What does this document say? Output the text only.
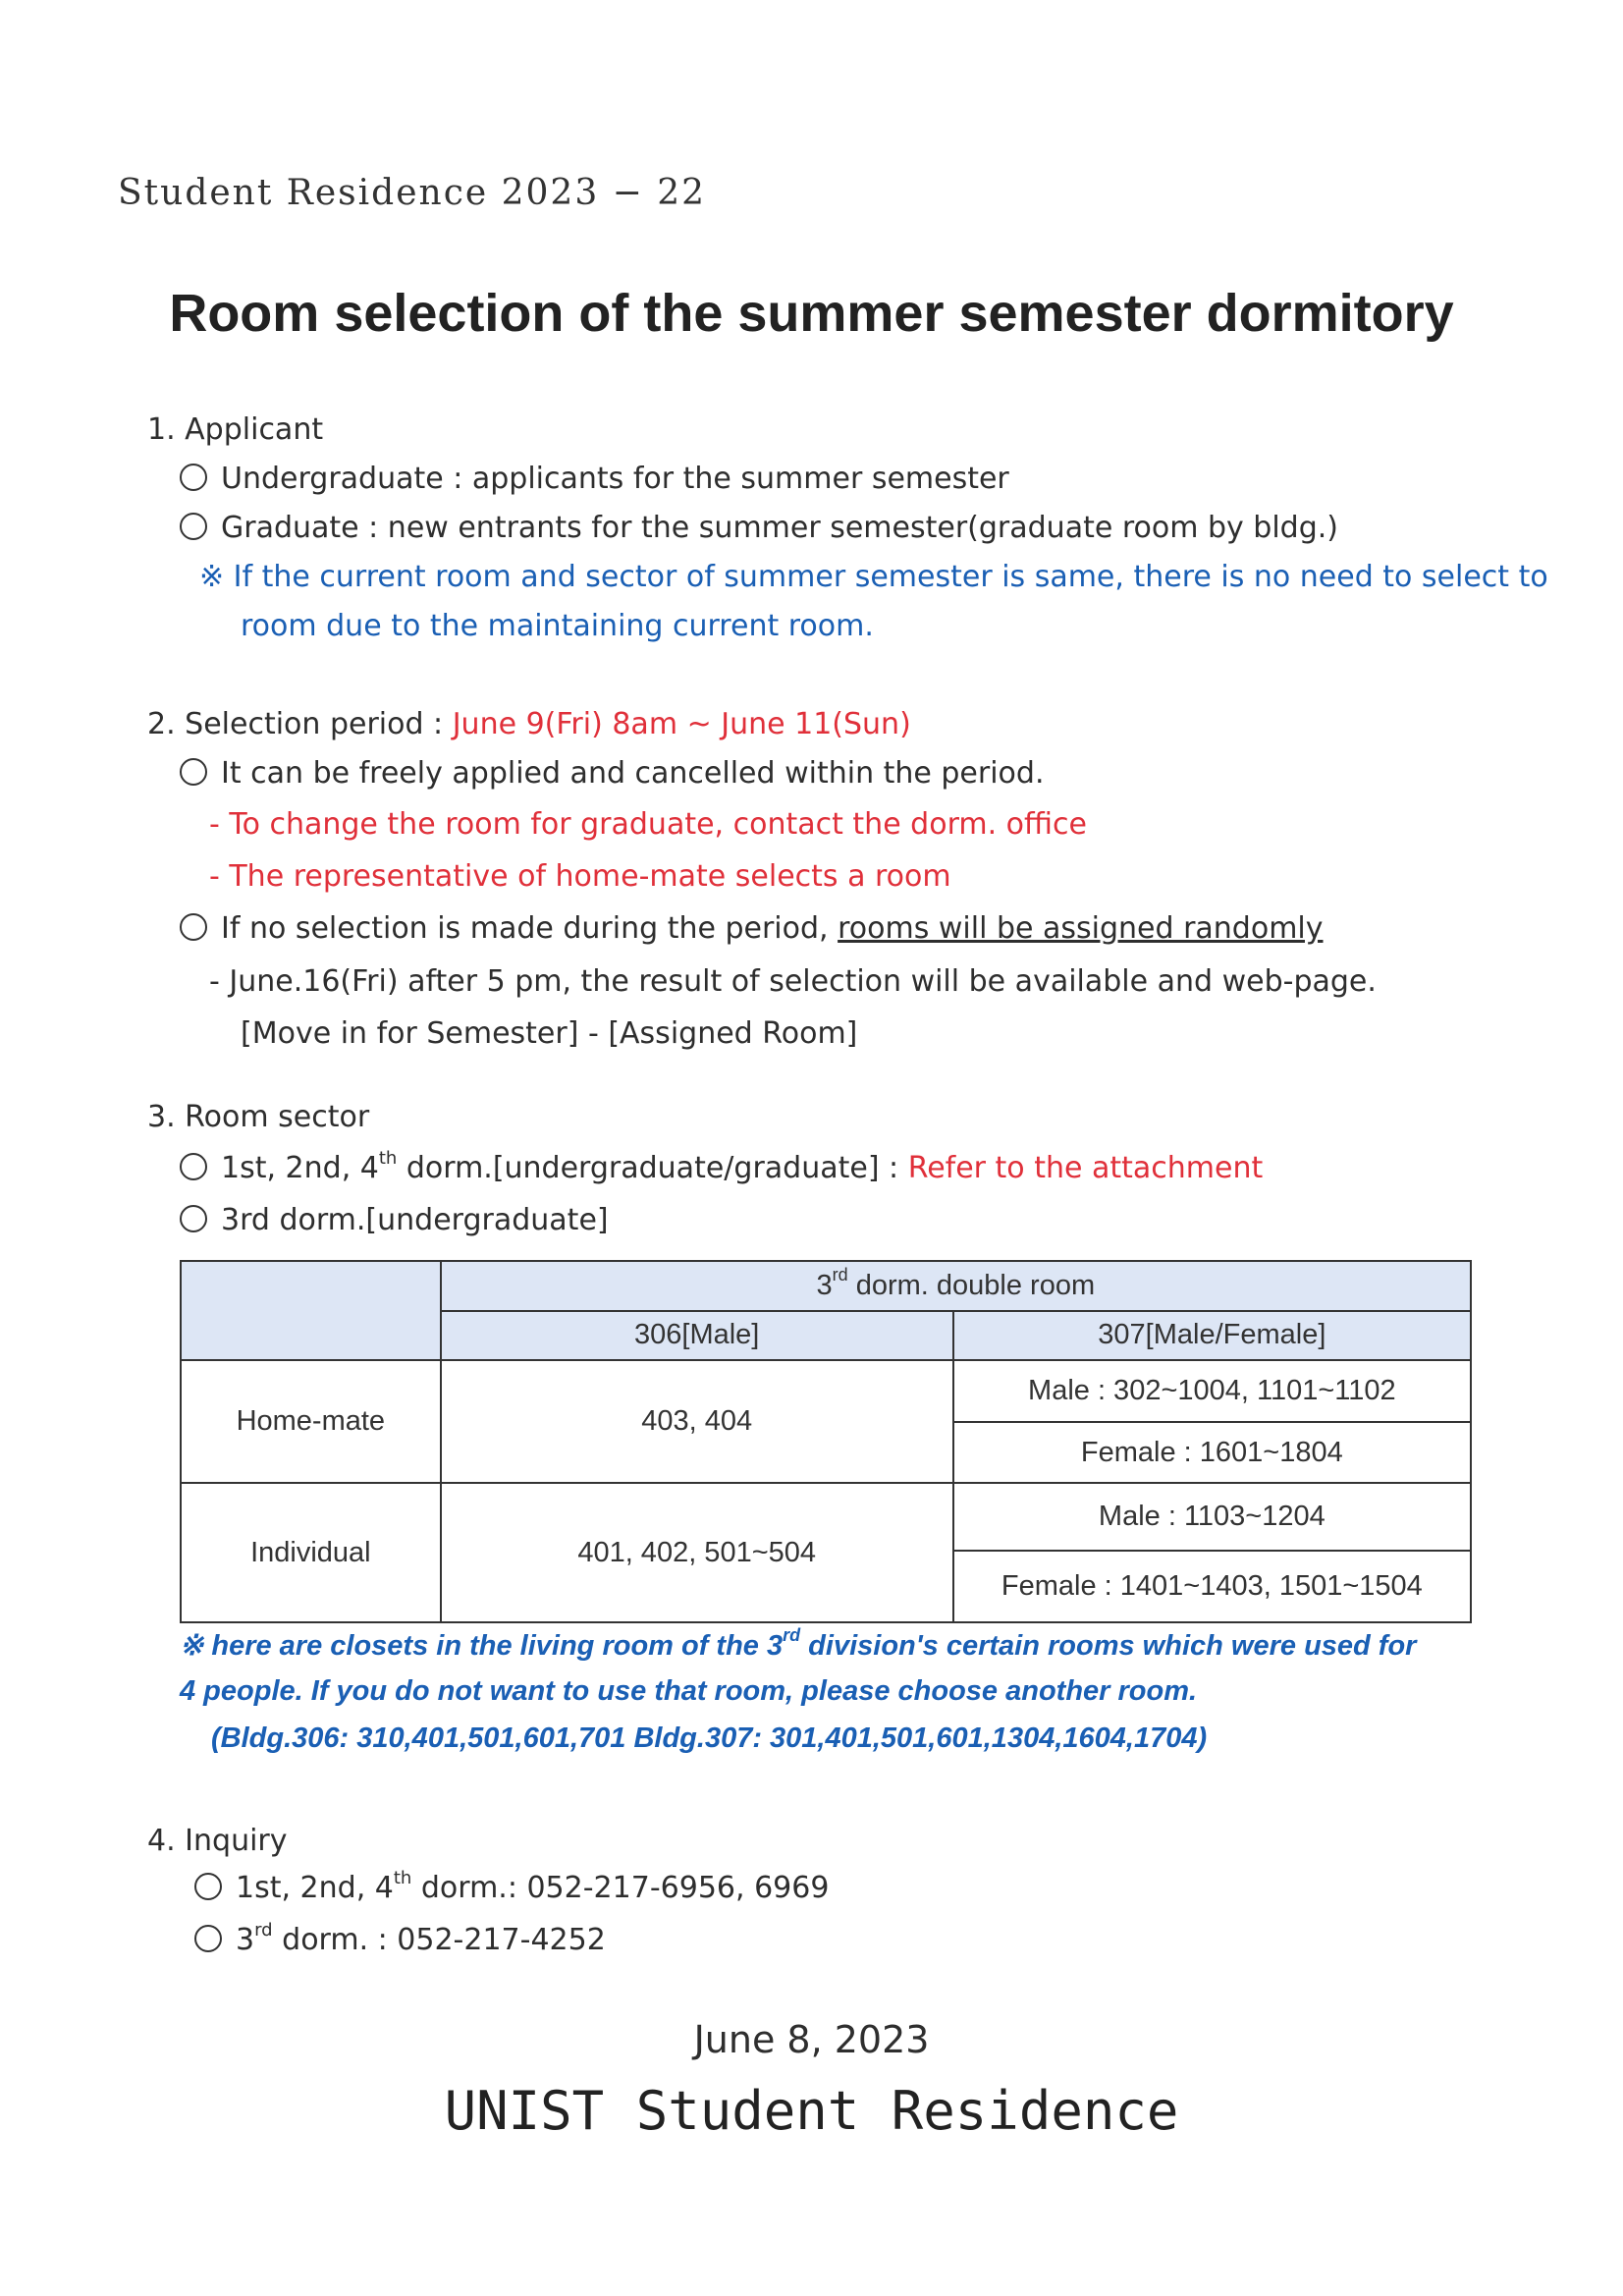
Student Residence 2023 − 22
Room selection of the summer semester dormitory
1. Applicant
Undergraduate : applicants for the summer semester
Graduate : new entrants for the summer semester(graduate room by bldg.)
※ If the current room and sector of summer semester is same, there is no need to select to
room due to the maintaining current room.
2. Selection period : June 9(Fri) 8am ~ June 11(Sun)
It can be freely applied and cancelled within the period.
- To change the room for graduate, contact the dorm. office
- The representative of home-mate selects a room
If no selection is made during the period, rooms will be assigned randomly
- June.16(Fri) after 5 pm, the result of selection will be available and web-page.
[Move in for Semester] - [Assigned Room]
3. Room sector
1st, 2nd, 4th dorm.[undergraduate/graduate] : Refer to the attachment
3rd dorm.[undergraduate]
	3rd dorm. double room	
	306[Male]	307[Male/Female]
Home-mate	403, 404	Male : 302~1004, 1101~1102
		Female : 1601~1804
Individual	401, 402, 501~504	Male : 1103~1204
		Female : 1401~1403, 1501~1504
※ here are closets in the living room of the 3rd division's certain rooms which were used for
4 people. If you do not want to use that room, please choose another room.
(Bldg.306: 310,401,501,601,701 Bldg.307: 301,401,501,601,1304,1604,1704)
4. Inquiry
1st, 2nd, 4th dorm.: 052-217-6956, 6969
3rd dorm. : 052-217-4252
June 8, 2023
UNIST Student Residence
